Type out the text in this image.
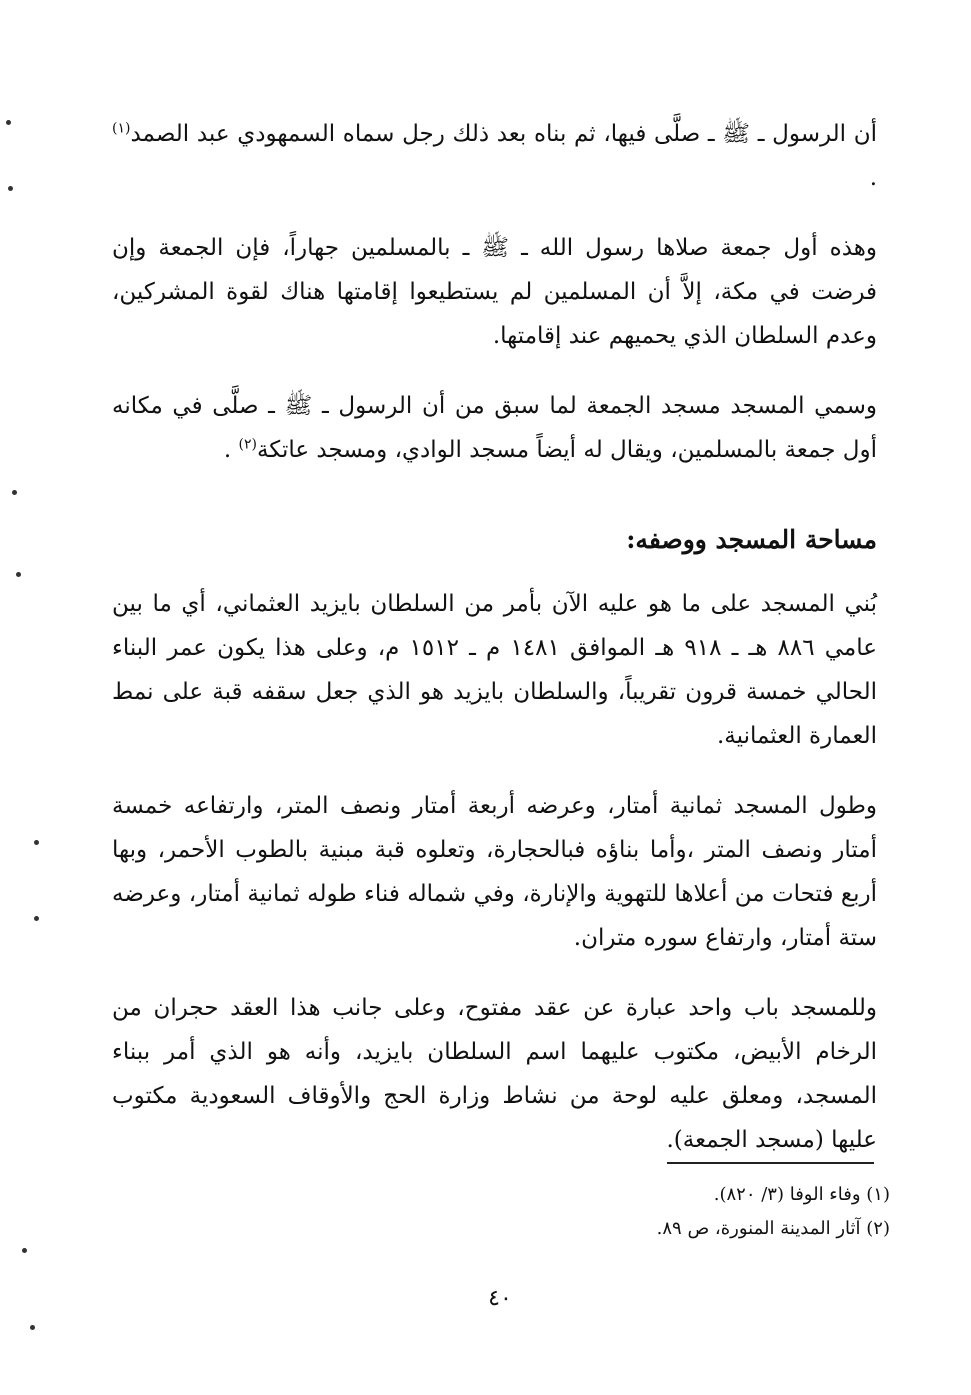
أن الرسول ـ ﷺ ـ صلَّى فيها، ثم بناه بعد ذلك رجل سماه السمهودي عبد الصمد$^{(١)}$ .

وهذه أول جمعة صلاها رسول الله ـ ﷺ ـ بالمسلمين جهاراً، فإن الجمعة وإن فرضت في مكة، إلاَّ أن المسلمين لم يستطيعوا إقامتها هناك لقوة المشركين، وعدم السلطان الذي يحميهم عند إقامتها.

وسمي المسجد مسجد الجمعة لما سبق من أن الرسول ـ ﷺ ـ صلَّى في مكانه أول جمعة بالمسلمين، ويقال له أيضاً مسجد الوادي، ومسجد عاتكة$^{(٢)}$ .

مساحة المسجد ووصفه:

بُني المسجد على ما هو عليه الآن بأمر من السلطان بايزيد العثماني، أي ما بين عامي ٨٨٦ هـ ـ ٩١٨ هـ الموافق ١٤٨١ م ـ ١٥١٢ م، وعلى هذا يكون عمر البناء الحالي خمسة قرون تقريباً، والسلطان بايزيد هو الذي جعل سقفه قبة على نمط العمارة العثمانية.

وطول المسجد ثمانية أمتار، وعرضه أربعة أمتار ونصف المتر، وارتفاعه خمسة أمتار ونصف المتر ،وأما بناؤه فبالحجارة، وتعلوه قبة مبنية بالطوب الأحمر، وبها أربع فتحات من أعلاها للتهوية والإنارة، وفي شماله فناء طوله ثمانية أمتار، وعرضه ستة أمتار، وارتفاع سوره متران.

وللمسجد باب واحد عبارة عن عقد مفتوح، وعلى جانب هذا العقد حجران من الرخام الأبيض، مكتوب عليهما اسم السلطان بايزيد، وأنه هو الذي أمر ببناء المسجد، ومعلق عليه لوحة من نشاط وزارة الحج والأوقاف السعودية مكتوب عليها (مسجد الجمعة).

(١) وفاء الوفا (٣/ ٨٢٠).

(٢) آثار المدينة المنورة، ص ٨٩.

٤٠
